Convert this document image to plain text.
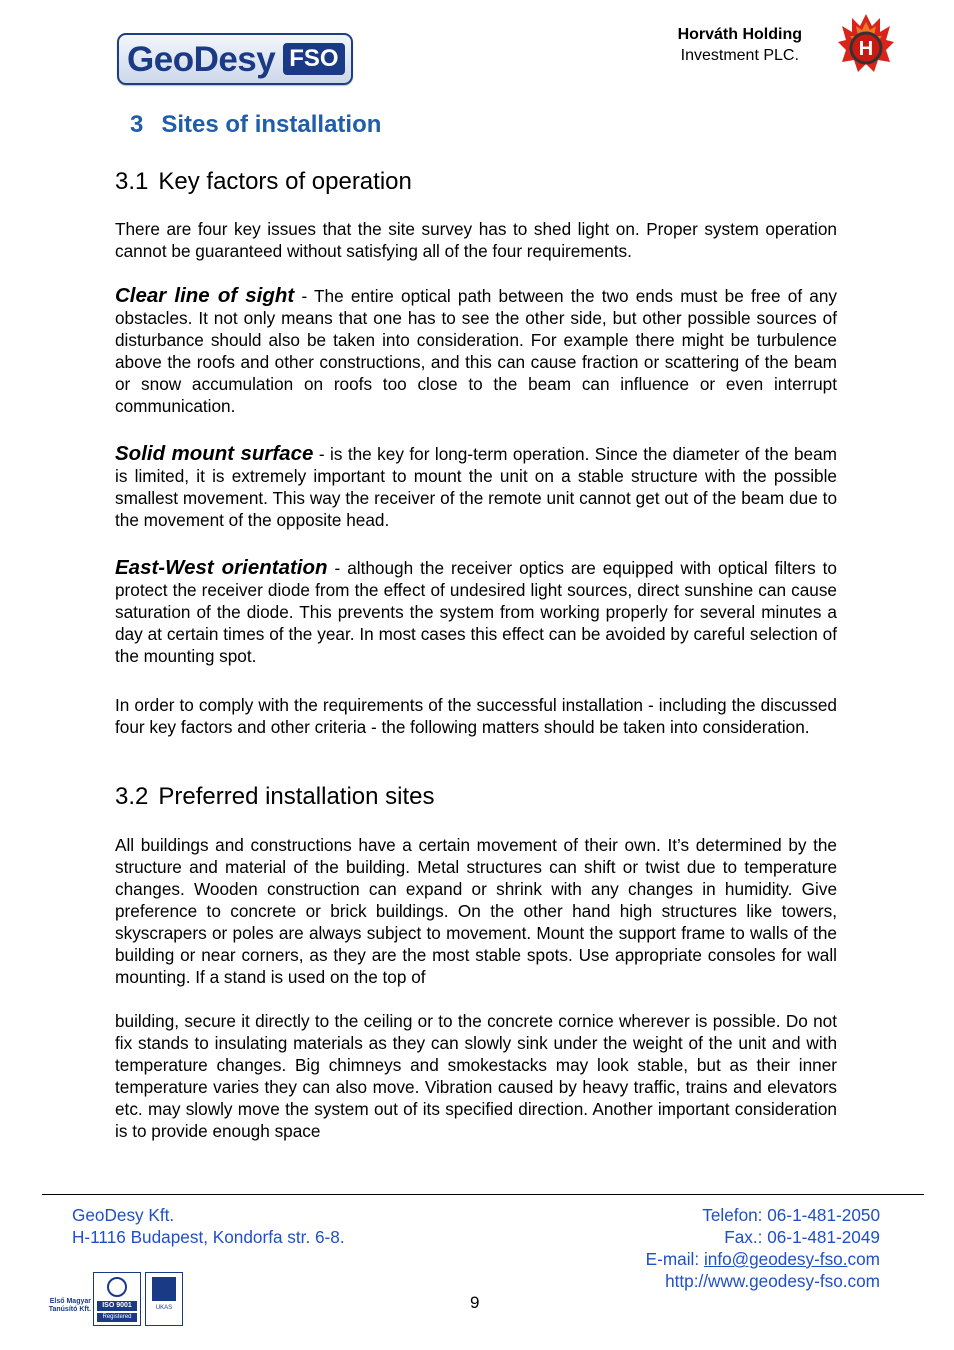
GeoDesy FSO
Horváth Holding
Investment PLC.	H
3 Sites of installation
3.1 Key factors of operation

There are four key issues that the site survey has to shed light on. Proper system operation cannot be guaranteed without satisfying all of the four requirements.

Clear line of sight - The entire optical path between the two ends must be free of any obstacles. It not only means that one has to see the other side, but other possible sources of disturbance should also be taken into consideration. For example there might be turbulence above the roofs and other constructions, and this can cause fraction or scattering of the beam or snow accumulation on roofs too close to the beam can influence or even interrupt communication.

Solid mount surface - is the key for long-term operation. Since the diameter of the beam is limited, it is extremely important to mount the unit on a stable structure with the possible smallest movement. This way the receiver of the remote unit cannot get out of the beam due to the movement of the opposite head.

East-West orientation - although the receiver optics are equipped with optical filters to protect the receiver diode from the effect of undesired light sources, direct sunshine can cause saturation of the diode. This prevents the system from working properly for several minutes a day at certain times of the year. In most cases this effect can be avoided by careful selection of the mounting spot.

In order to comply with the requirements of the successful installation - including the discussed four key factors and other criteria - the following matters should be taken into consideration.

3.2 Preferred installation sites

All buildings and constructions have a certain movement of their own. It’s determined by the structure and material of the building. Metal structures can shift or twist due to temperature changes. Wooden construction can expand or shrink with any changes in humidity. Give preference to concrete or brick buildings. On the other hand high structures like towers, skyscrapers or poles are always subject to movement. Mount the support frame to walls of the building or near corners, as they are the most stable spots. Use appropriate consoles for wall mounting. If a stand is used on the top of

building, secure it directly to the ceiling or to the concrete cornice wherever is possible. Do not fix stands to insulating materials as they can slowly sink under the weight of the unit and with temperature changes. Big chimneys and smokestacks may look stable, but as their inner temperature varies they can also move. Vibration caused by heavy traffic, trains and elevators etc. may slowly move the system out of its specified direction. Another important consideration is to provide enough space

GeoDesy Kft.
H-1116 Budapest, Kondorfa str. 6-8.
Telefon: 06-1-481-2050
Fax.: 06-1-481-2049
E-mail: info@geodesy-fso.com
http://www.geodesy-fso.com
9
Első Magyar Tanúsító Kft.
ISO 9001
Registered
UKAS
